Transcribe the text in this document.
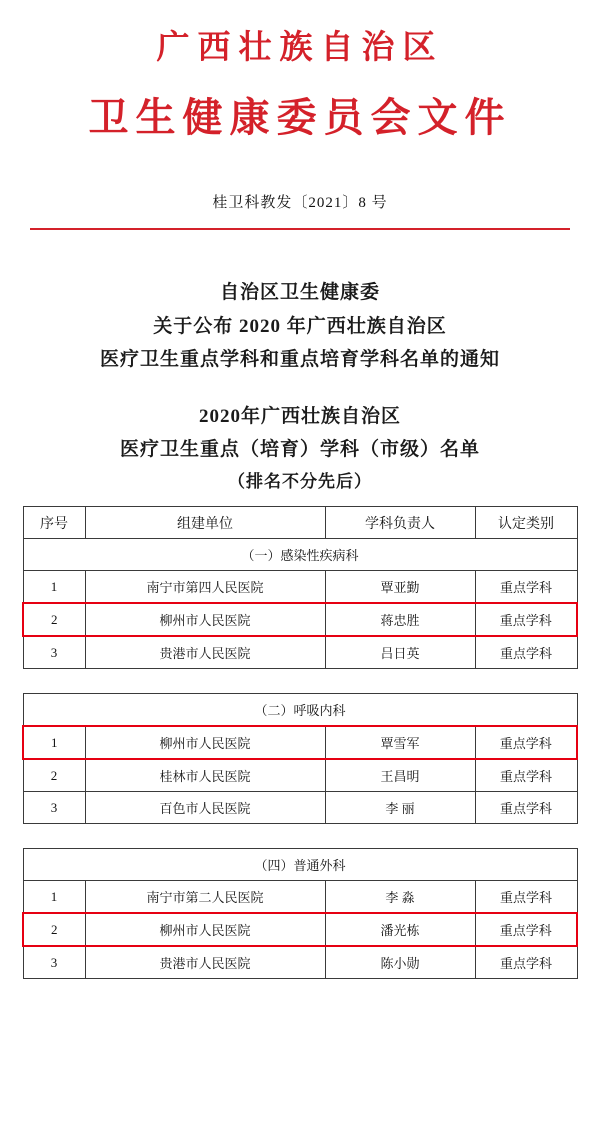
广西壮族自治区
卫生健康委员会文件
桂卫科教发〔2021〕8 号
自治区卫生健康委
关于公布 2020 年广西壮族自治区
医疗卫生重点学科和重点培育学科名单的通知
2020年广西壮族自治区
医疗卫生重点（培育）学科（市级）名单
（排名不分先后）
序号	组建单位	学科负责人	认定类别
（一）感染性疾病科			
1	南宁市第四人民医院	覃亚勤	重点学科
2	柳州市人民医院	蒋忠胜	重点学科
3	贵港市人民医院	吕日英	重点学科
（二）呼吸内科			
1	柳州市人民医院	覃雪军	重点学科
2	桂林市人民医院	王昌明	重点学科
3	百色市人民医院	李 丽	重点学科
（四）普通外科			
1	南宁市第二人民医院	李 淼	重点学科
2	柳州市人民医院	潘光栋	重点学科
3	贵港市人民医院	陈小勋	重点学科
